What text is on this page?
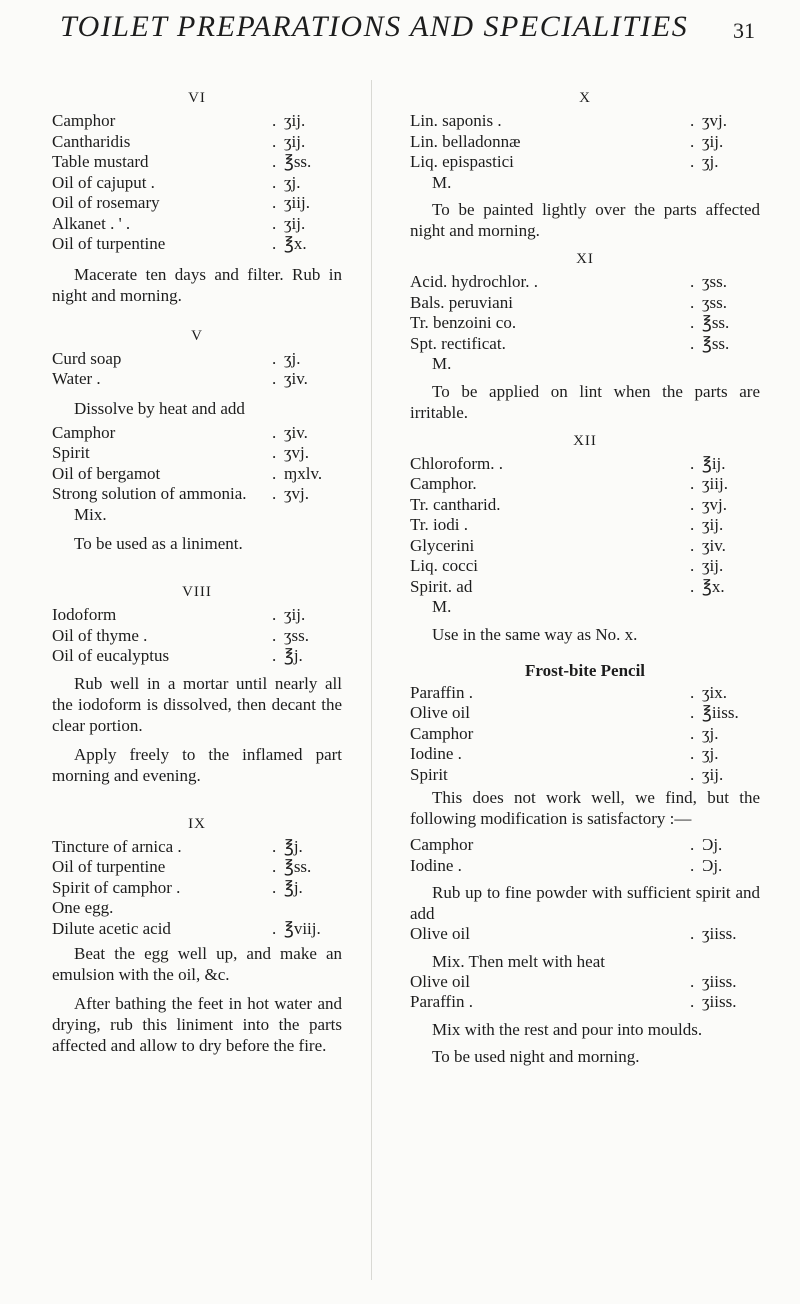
TOILET PREPARATIONS AND SPECIALITIES 31
VI
Camphor	. ʒij.
Cantharidis	. ʒij.
Table mustard	. ℥ss.
Oil of cajuput .	. ʒj.
Oil of rosemary	. ʒiij.
Alkanet . ' .	. ʒij.
Oil of turpentine	. ℥x.

Macerate ten days and filter. Rub in night and morning.

V
Curd soap	. ʒj.
Water .	. ʒiv.

Dissolve by heat and add

Camphor	. ʒiv.
Spirit	. ʒvj.
Oil of bergamot	. ɱxlv.
Strong solution of ammonia.	. ʒvj.

Mix.

To be used as a liniment.

VIII
Iodoform	. ʒij.
Oil of thyme .	. ʒss.
Oil of eucalyptus	. ℥j.

Rub well in a mortar until nearly all the iodoform is dissolved, then decant the clear portion.

Apply freely to the inflamed part morning and evening.

IX
Tincture of arnica .	. ℥j.
Oil of turpentine	. ℥ss.
Spirit of camphor .	. ℥j.
One egg.
Dilute acetic acid	. ℥viij.

Beat the egg well up, and make an emulsion with the oil, &c.

After bathing the feet in hot water and drying, rub this liniment into the parts affected and allow to dry before the fire.

X
Lin. saponis .	. ʒvj.
Lin. belladonnæ	. ʒij.
Liq. epispastici	. ʒj.

M.

To be painted lightly over the parts affected night and morning.

XI
Acid. hydrochlor. .	. ʒss.
Bals. peruviani	. ʒss.
Tr. benzoini co.	. ℥ss.
Spt. rectificat.	. ℥ss.

M.

To be applied on lint when the parts are irritable.

XII
Chloroform. .	. ℥ij.
Camphor.	. ʒiij.
Tr. cantharid.	. ʒvj.
Tr. iodi .	. ʒij.
Glycerini	. ʒiv.
Liq. cocci	. ʒij.
Spirit. ad	. ℥x.

M.

Use in the same way as No. x.

Frost-bite Pencil
Paraffin .	. ʒix.
Olive oil	. ℥iiss.
Camphor	. ʒj.
Iodine .	. ʒj.
Spirit	. ʒij.

This does not work well, we find, but the following modification is satisfactory :—

Camphor	. Ɔj.
Iodine .	. Ɔj.

Rub up to fine powder with sufficient spirit and add

Olive oil	. ʒiiss.

Mix. Then melt with heat

Olive oil	. ʒiiss.
Paraffin .	. ʒiiss.

Mix with the rest and pour into moulds.

To be used night and morning.
